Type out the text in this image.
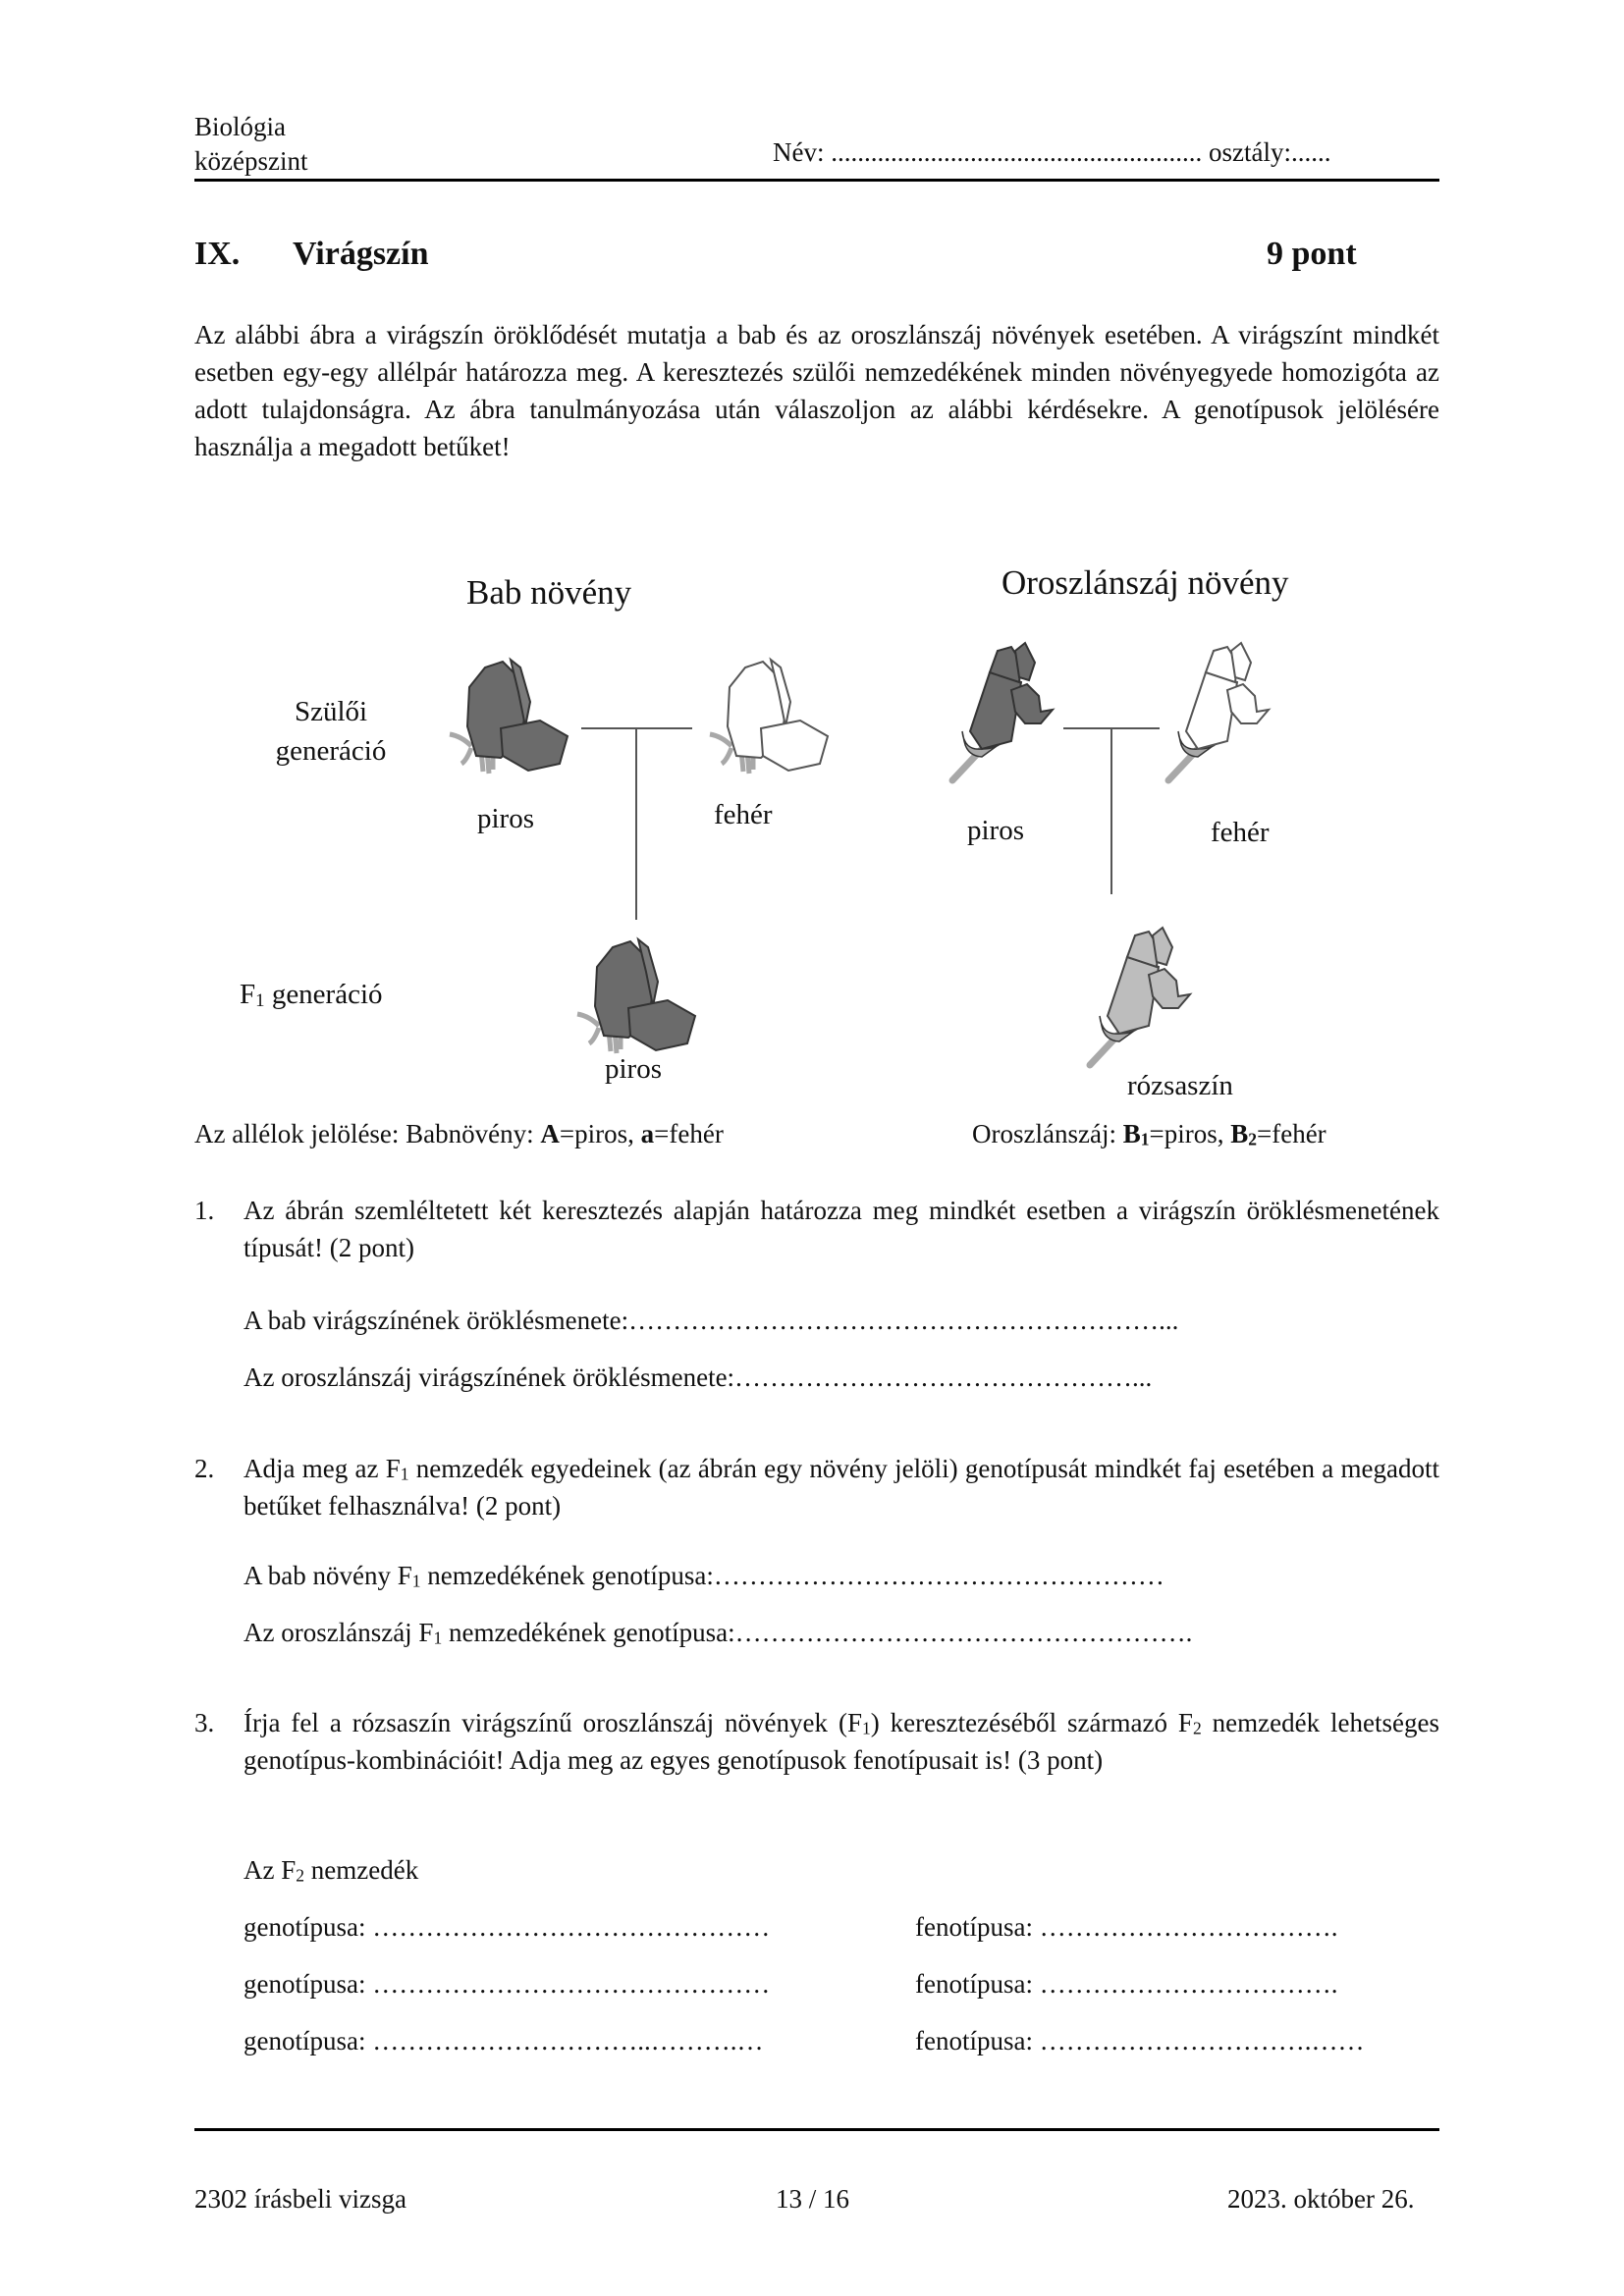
Biológia
középszint	Név: ........................................................ osztály:......
IX. Virágszín	9 pont
Az alábbi ábra a virágszín öröklődését mutatja a bab és az oroszlánszáj növények esetében. A virágszínt mindkét esetben egy-egy allélpár határozza meg. A keresztezés szülői nemzedékének minden növényegyede homozigóta az adott tulajdonságra. Az ábra tanulmányozása után válaszoljon az alábbi kérdésekre. A genotípusok jelölésére használja a megadott betűket!
Bab növény	Oroszlánszáj növény
Szülői
generáció
$F_1$ generáció
piros	fehér
piros
piros	fehér
rózsaszín
Az allélok jelölése: Babnövény: A=piros, a=fehér	Oroszlánszáj: $B_1=piros$, $B_2=fehér$
1. Az ábrán szemléltetett két keresztezés alapján határozza meg mindkét esetben a virágszín öröklésmenetének típusát! (2 pont)
A bab virágszínének öröklésmenete:……………………………………………………...
Az oroszlánszáj virágszínének öröklésmenete:………………………………………...
2. Adja meg az $F_1$ nemzedék egyedeinek (az ábrán egy növény jelöli) genotípusát mindkét faj esetében a megadott betűket felhasználva! (2 pont)
A bab növény $F_1$ nemzedékének genotípusa:……………………………………………
Az oroszlánszáj $F_1$ nemzedékének genotípusa:…………………………………………….
3. Írja fel a rózsaszín virágszínű oroszlánszáj növények $(F_1)$ keresztezéséből származó $F_2$ nemzedék lehetséges genotípus-kombinációit! Adja meg az egyes genotípusok fenotípusait is! (3 pont)
Az $F_2$ nemzedék
genotípusa: ………………………………………	fenotípusa: …………………………….
genotípusa: ………………………………………	fenotípusa: …………………………….
genotípusa: …………………………..……….…	fenotípusa: ………………………….……
2302 írásbeli vizsga	13 / 16	2023. október 26.
